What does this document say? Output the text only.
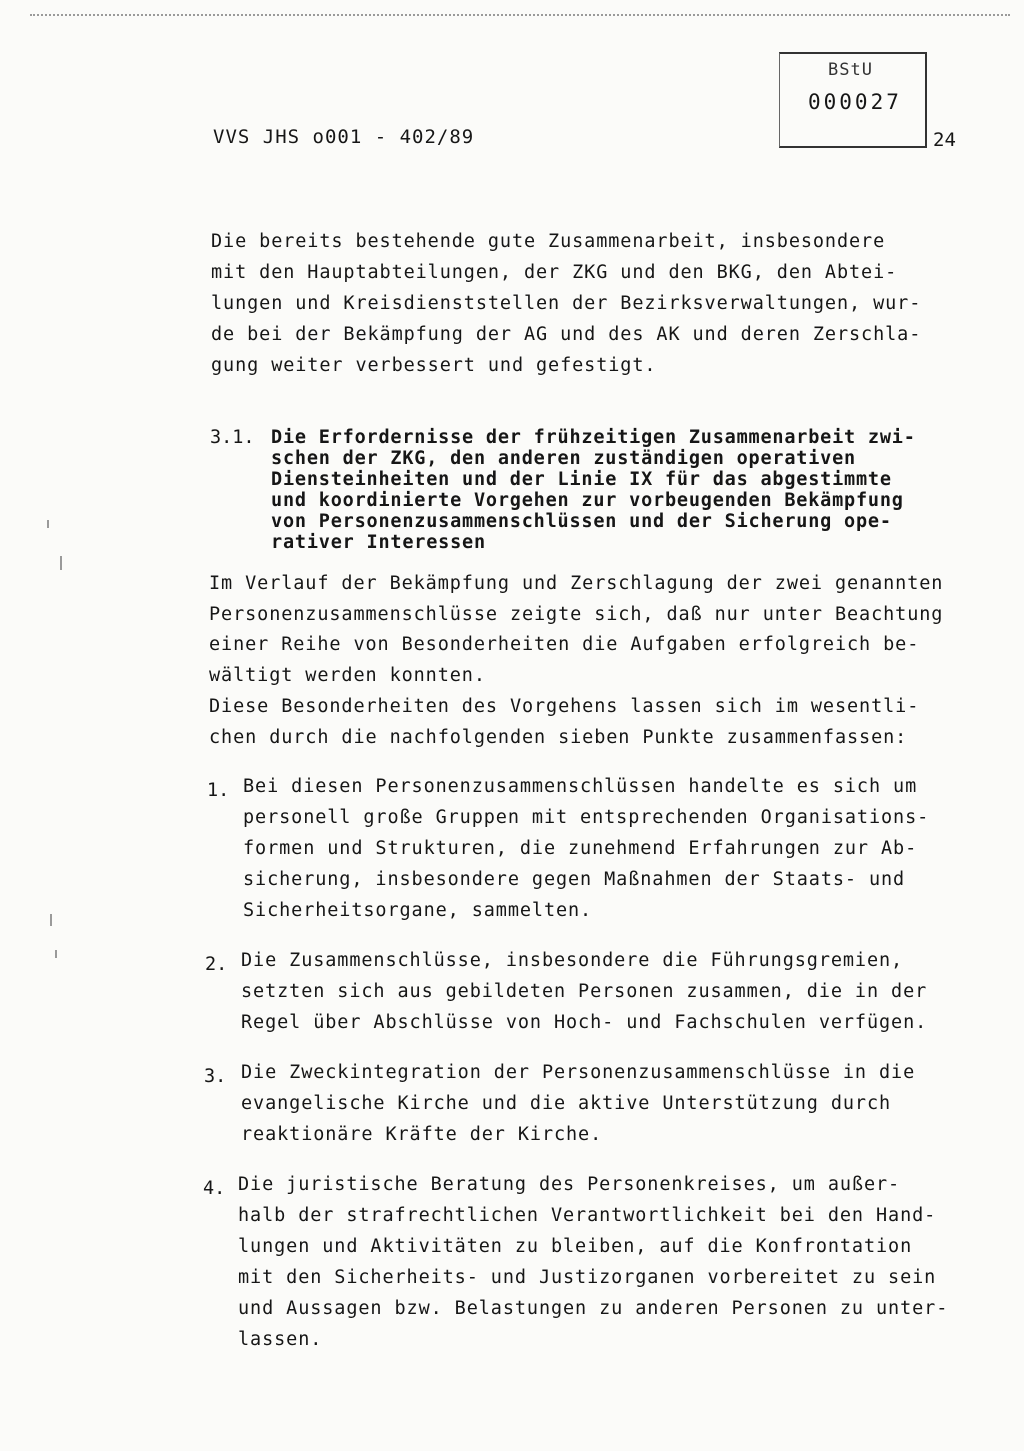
VVS JHS o001 - 402/89
BStU
000027
24

Die bereits bestehende gute Zusammenarbeit, insbesondere
mit den Hauptabteilungen, der ZKG und den BKG, den Abtei-
lungen und Kreisdienststellen der Bezirksverwaltungen, wur-
de bei der Bekämpfung der AG und des AK und deren Zerschla-
gung weiter verbessert und gefestigt.

3.1. Die Erfordernisse der frühzeitigen Zusammenarbeit zwi-
schen der ZKG, den anderen zuständigen operativen
Diensteinheiten und der Linie IX für das abgestimmte
und koordinierte Vorgehen zur vorbeugenden Bekämpfung
von Personenzusammenschlüssen und der Sicherung ope-
rativer Interessen

Im Verlauf der Bekämpfung und Zerschlagung der zwei genannten
Personenzusammenschlüsse zeigte sich, daß nur unter Beachtung
einer Reihe von Besonderheiten die Aufgaben erfolgreich be-
wältigt werden konnten.
Diese Besonderheiten des Vorgehens lassen sich im wesentli-
chen durch die nachfolgenden sieben Punkte zusammenfassen:

1. Bei diesen Personenzusammenschlüssen handelte es sich um
personell große Gruppen mit entsprechenden Organisations-
formen und Strukturen, die zunehmend Erfahrungen zur Ab-
sicherung, insbesondere gegen Maßnahmen der Staats- und
Sicherheitsorgane, sammelten.

2. Die Zusammenschlüsse, insbesondere die Führungsgremien,
setzten sich aus gebildeten Personen zusammen, die in der
Regel über Abschlüsse von Hoch- und Fachschulen verfügen.

3. Die Zweckintegration der Personenzusammenschlüsse in die
evangelische Kirche und die aktive Unterstützung durch
reaktionäre Kräfte der Kirche.

4. Die juristische Beratung des Personenkreises, um außer-
halb der strafrechtlichen Verantwortlichkeit bei den Hand-
lungen und Aktivitäten zu bleiben, auf die Konfrontation
mit den Sicherheits- und Justizorganen vorbereitet zu sein
und Aussagen bzw. Belastungen zu anderen Personen zu unter-
lassen.
